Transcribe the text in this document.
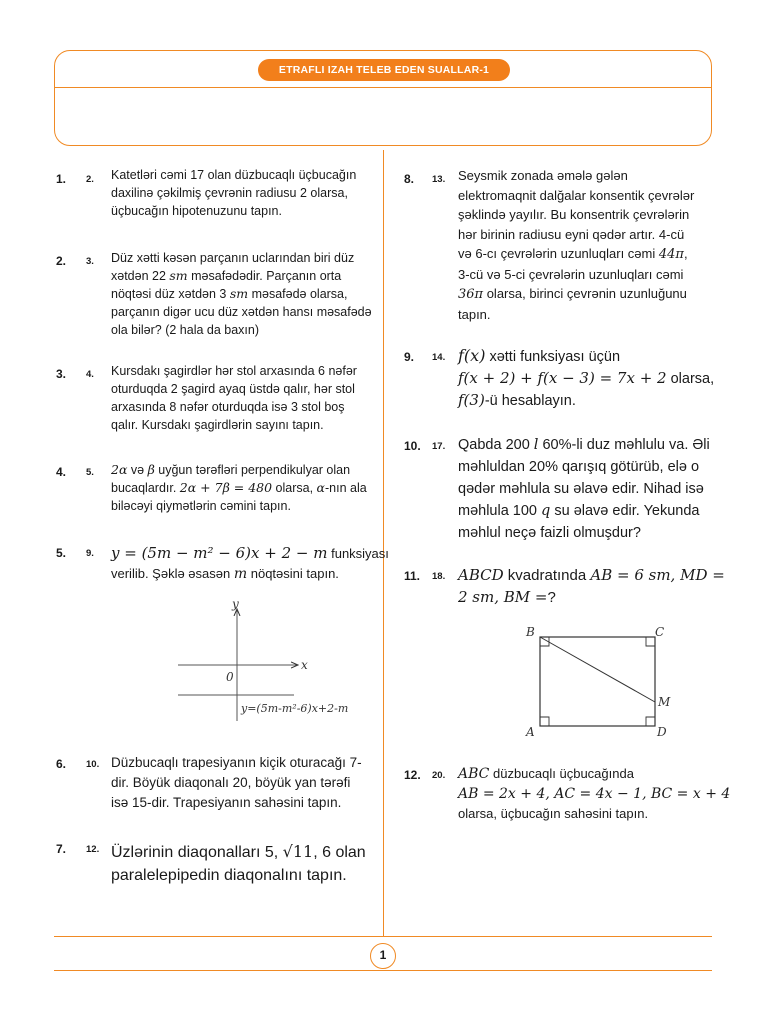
ETRAFLI IZAH TELEB EDEN SUALLAR-1
1. 2. Katetləri cəmi 17 olan düzbucaqlı üçbucağın
daxilinə çəkilmiş çevrənin radiusu 2 olarsa,
üçbucağın hipotenuzunu tapın.
2. 3. Düz xətti kəsən parçanın uclarından biri düz
xətdən 22 sm məsafədədir. Parçanın orta
nöqtəsi düz xətdən 3 sm məsafədə olarsa,
parçanın digər ucu düz xətdən hansı məsafədə
ola bilər? (2 hala da baxın)
3. 4. Kursdakı şagirdlər hər stol arxasında 6 nəfər
oturduqda 2 şagird ayaq üstdə qalır, hər stol
arxasında 8 nəfər oturduqda isə 3 stol boş
qalır. Kursdakı şagirdlərin sayını tapın.
4. 5. 2α və β uyğun tərəfləri perpendikulyar olan
bucaqlardır. 2α + 7β = 480 olarsa, α-nın ala
biləcəyi qiymətlərin cəmini tapın.
5. 9. y = (5m − m² − 6)x + 2 − m funksiyası
verilib. Şəklə əsasən m nöqtəsini tapın.
y
x
0
y=(5m-m²-6)x+2-m
6. 10. Düzbucaqlı trapesiyanın kiçik oturacağı 7-
dir. Böyük diaqonalı 20, böyük yan tərəfi
isə 15-dir. Trapesiyanın sahəsini tapın.
7. 12. Üzlərinin diaqonalları 5, √11, 6 olan
paralelepipedin diaqonalını tapın.
8. 13. Seysmik zonada əmələ gələn
elektromaqnit dalğalar konsentik çevrələr
şəklində yayılır. Bu konsentrik çevrələrin
hər birinin radiusu eyni qədər artır. 4-cü
və 6-cı çevrələrin uzunluqları cəmi 44π,
3-cü və 5-ci çevrələrin uzunluqları cəmi
36π olarsa, birinci çevrənin uzunluğunu
tapın.
9. 14. f(x) xətti funksiyası üçün
f(x + 2) + f(x − 3) = 7x + 2 olarsa,
f(3)-ü hesablayın.
10. 17. Qabda 200 l 60%-li duz məhlulu va. Əli
məhluldan 20% qarışıq götürüb, elə o
qədər məhlula su əlavə edir. Nihad isə
məhlula 100 q su əlavə edir. Yekunda
məhlul neçə faizli olmuşdur?
11. 18. ABCD kvadratında AB = 6 sm, MD =
2 sm, BM =?
B	C
A	D
M
12. 20. ABC düzbucaqlı üçbucağında
AB = 2x + 4, AC = 4x − 1, BC = x + 4
olarsa, üçbucağın sahəsini tapın.
1
